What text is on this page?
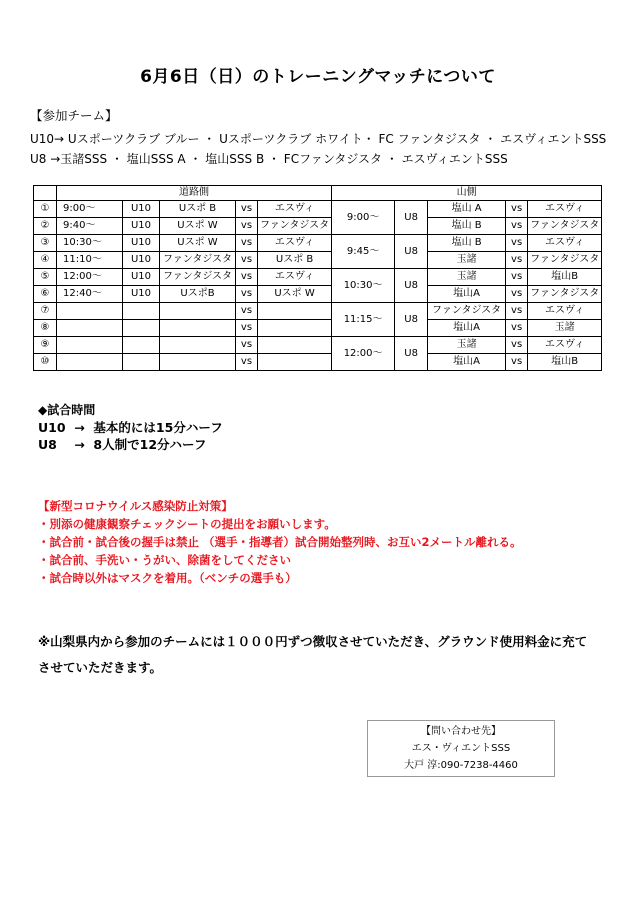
6月6日（日）のトレーニングマッチについて
【参加チーム】
U10→ Uスポーツクラブ ブルー ・ Uスポーツクラブ ホワイト・ FC ファンタジスタ ・ エスヴィエントSSS
U8 →玉諸SSS ・ 塩山SSS A ・ 塩山SSS B ・ FCファンタジスタ ・ エスヴィエントSSS
	道路側					山側				
①	9:00～	U10	Uスポ B	vs	エスヴィ	9:00～	U8	塩山 A	vs	エスヴィ
②	9:40～	U10	Uスポ W	vs	ファンタジスタ			塩山 B	vs	ファンタジスタ
③	10:30～	U10	Uスポ W	vs	エスヴィ	9:45～	U8	塩山 B	vs	エスヴィ
④	11:10～	U10	ファンタジスタ	vs	Uスポ B			玉諸	vs	ファンタジスタ
⑤	12:00～	U10	ファンタジスタ	vs	エスヴィ	10:30～	U8	玉諸	vs	塩山B
⑥	12:40～	U10	UスポB	vs	Uスポ W			塩山A	vs	ファンタジスタ
⑦				vs		11:15～	U8	ファンタジスタ	vs	エスヴィ
⑧				vs				塩山A	vs	玉諸
⑨				vs		12:00～	U8	玉諸	vs	エスヴィ
⑩				vs				塩山A	vs	塩山B
◆試合時間
U10  →  基本的には15分ハーフ
U8    →  8人制で12分ハーフ
【新型コロナウイルス感染防止対策】
・別添の健康観察チェックシートの提出をお願いします。
・試合前・試合後の握手は禁止 （選手・指導者）試合開始整列時、お互い2メートル離れる。
・試合前、手洗い・うがい、除菌をしてください
・試合時以外はマスクを着用。（ベンチの選手も）
※山梨県内から参加のチームには１０００円ずつ徴収させていただき、グラウンド使用料金に充てさせていただきます。
【問い合わせ先】
エス・ヴィエントSSS
大戸 淳:090-7238-4460
